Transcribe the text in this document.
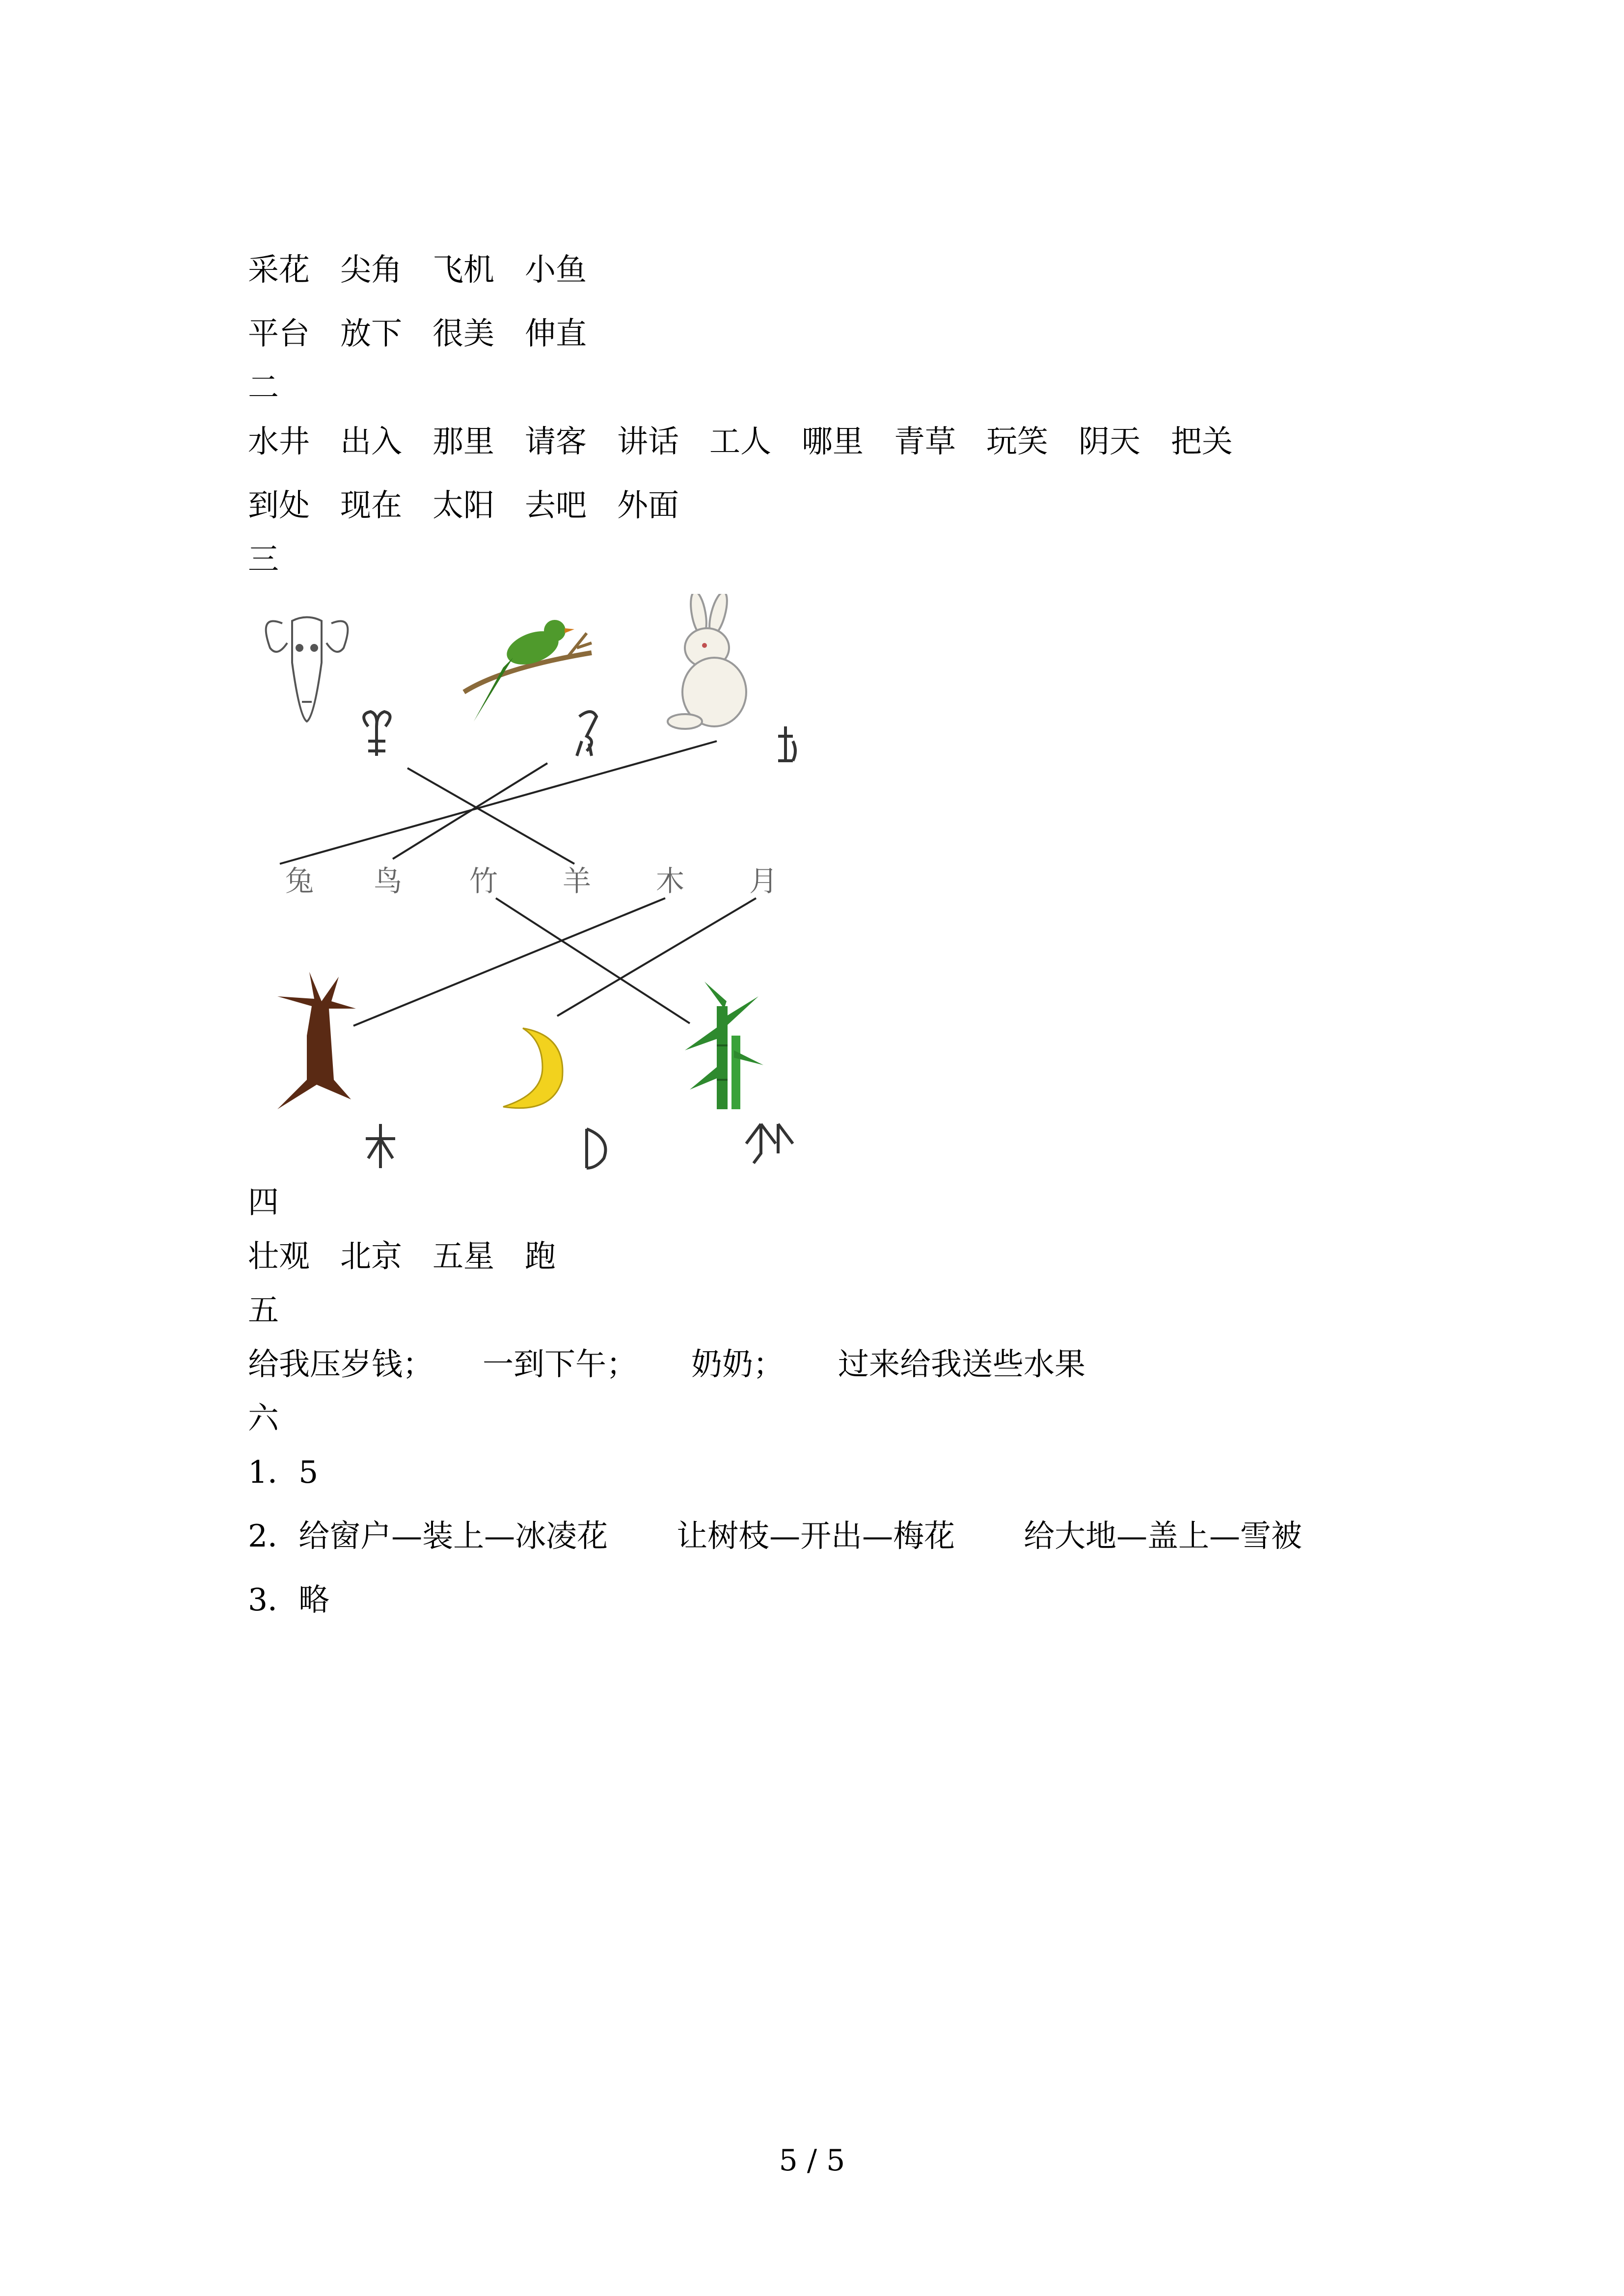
采花 尖角 飞机 小鱼
平台 放下 很美 伸直
二
水井 出入 那里 请客 讲话 工人 哪里 青草 玩笑 阴天 把关
到处 现在 太阳 去吧 外面
三
兔 鸟 竹 羊 木 月
四
壮观 北京 五星 跑
五
给我压岁钱； 一到下午； 奶奶； 过来给我送些水果
六
1．5
2．给窗户—装上—冰凌花 让树枝—开出—梅花 给大地—盖上—雪被
3．略
5 / 5
